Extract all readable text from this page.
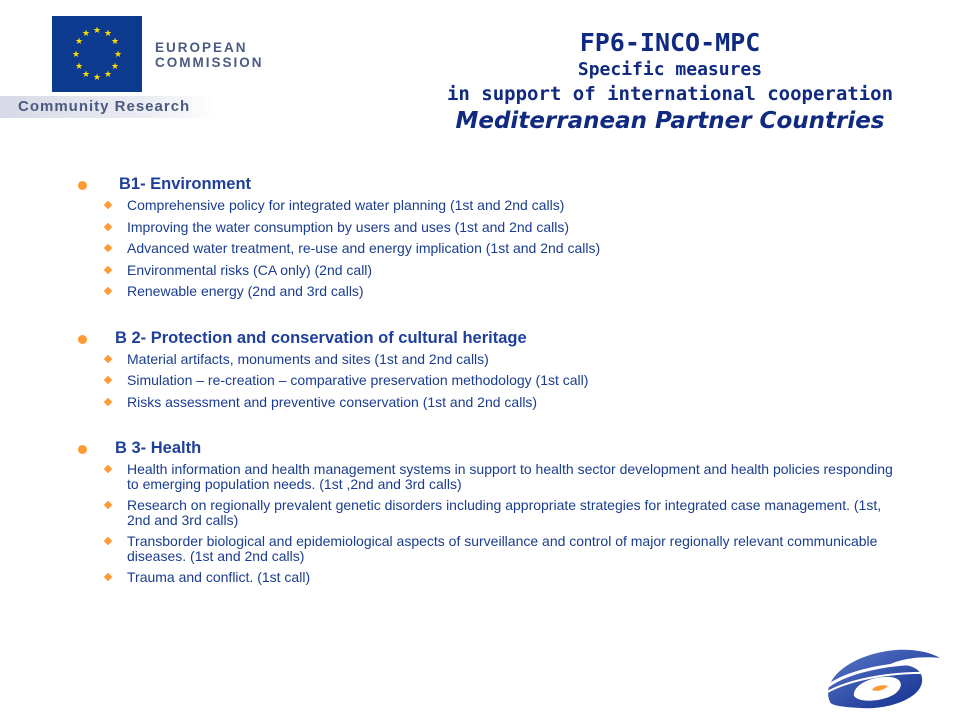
★ ★
★
★
★
★
★
★
★
★
★
★
EUROPEAN
COMMISSION
Community Research
FP6-INCO-MPC
Specific measures
in support of international cooperation
Mediterranean Partner Countries
B1- Environment
Comprehensive policy for integrated water planning (1st and 2nd calls)
Improving the water consumption by users and uses (1st and 2nd calls)
Advanced water treatment, re-use and energy implication (1st and 2nd calls)
Environmental risks (CA only) (2nd call)
Renewable energy (2nd and 3rd calls)
B 2- Protection and conservation of cultural heritage
Material artifacts, monuments and sites (1st and 2nd calls)
Simulation – re-creation – comparative preservation methodology (1st call)
Risks assessment and preventive conservation (1st and 2nd calls)
B 3- Health
Health information and health management systems in support to health sector development and health policies responding to emerging population needs. (1st ,2nd and 3rd calls)
Research on regionally prevalent genetic disorders including appropriate strategies for integrated case management. (1st, 2nd and 3rd calls)
Transborder biological and epidemiological aspects of surveillance and control of major regionally relevant communicable diseases. (1st and 2nd calls)
Trauma and conflict. (1st call)
